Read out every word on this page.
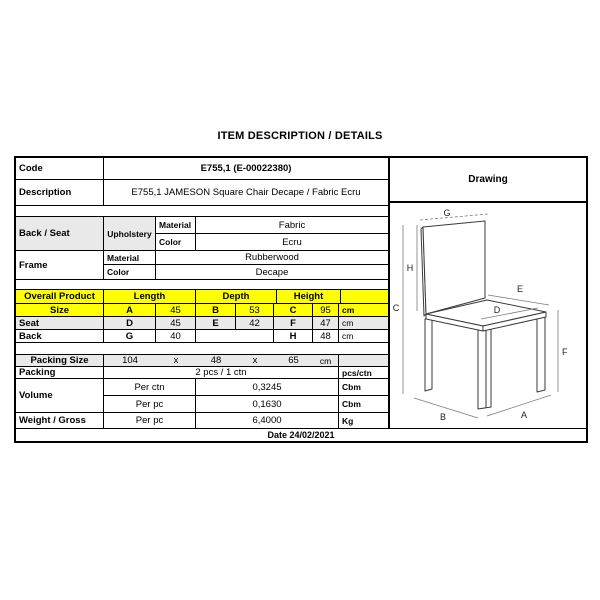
ITEM DESCRIPTION / DETAILS
Code	E755,1 (E-00022380)
Description	E755,1 JAMESON Square Chair Decape / Fabric Ecru
Back / Seat	Upholstery
Material	Fabric
Color	Ecru
Frame
Material	Rubberwood
Color	Decape
Overall Product	Length	Depth	Height
Size	A	45	B	53	C	95	cm
Seat	D	45	E	42	F	47	cm
Back	G	40	H	48	cm
Packing Size	104	x	48	x	65	cm
Packing	2 pcs / 1 ctn	pcs/ctn
Volume
Per ctn	0,3245	Cbm
Per pc	0,1630	Cbm
Weight / Gross	Per pc	6,4000	Kg
Drawing
G
H
C
E
D
F
B	A
Date 24/02/2021
